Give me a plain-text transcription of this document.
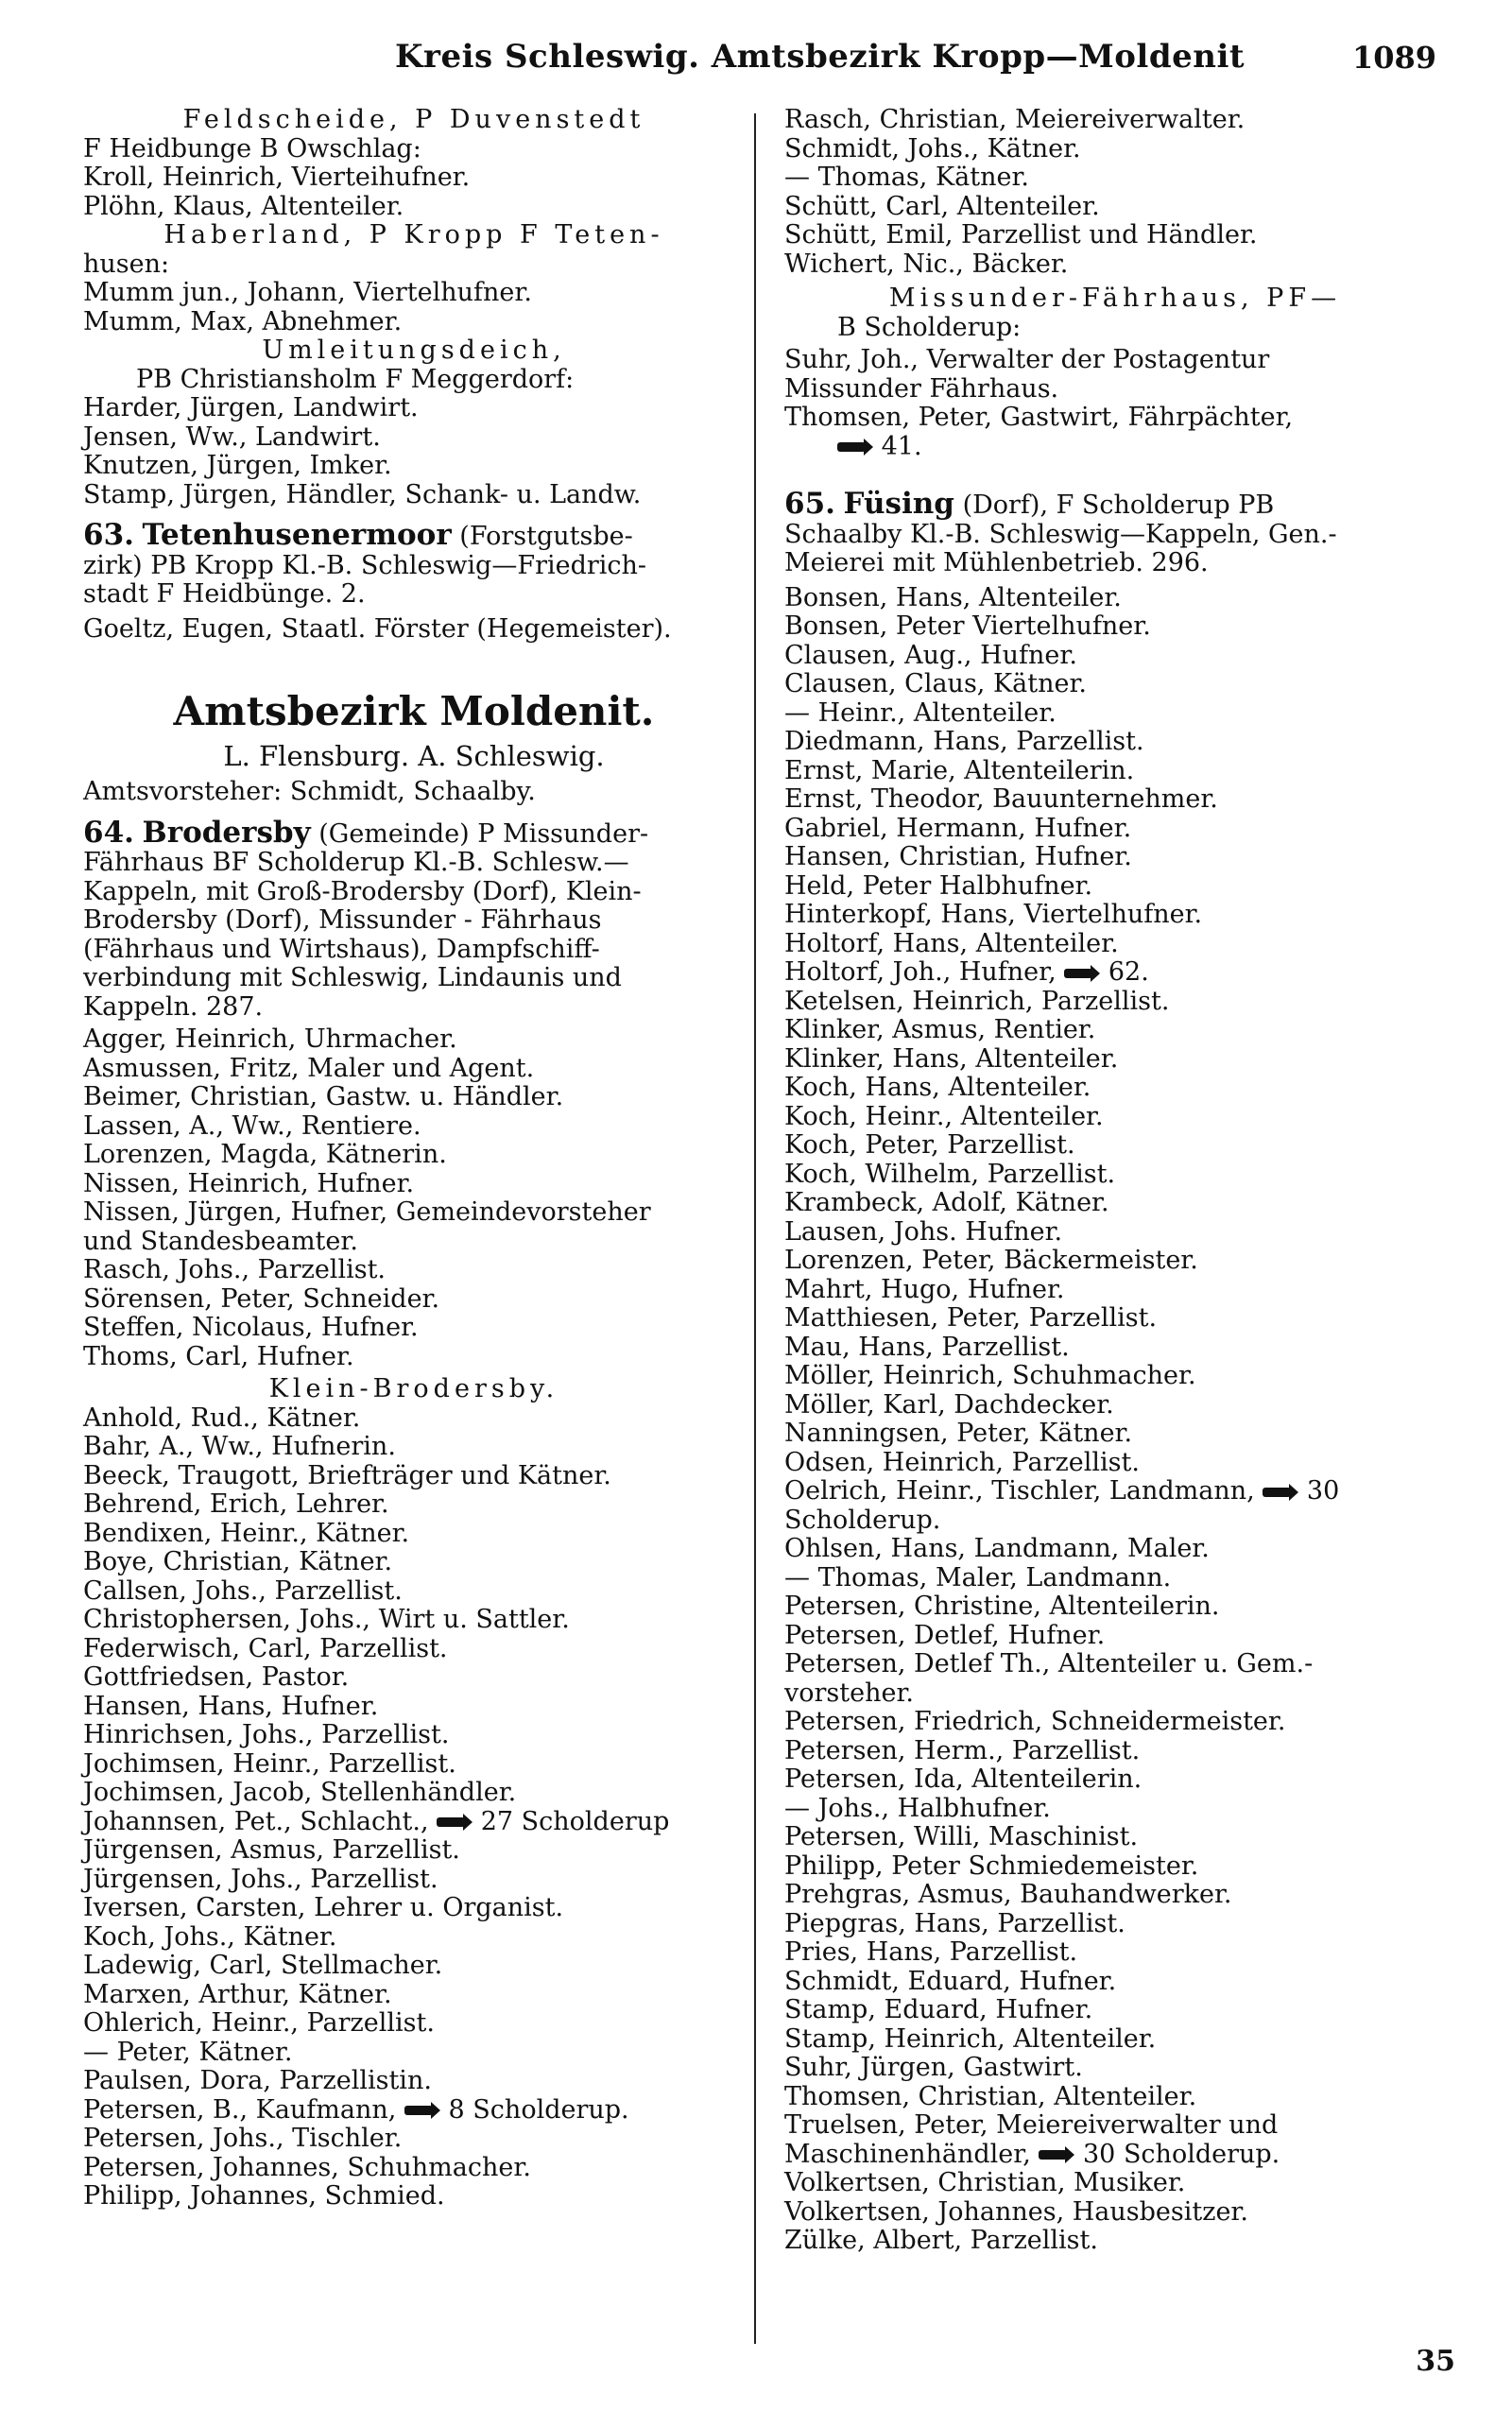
Kreis Schleswig. Amtsbezirk Kropp—Moldenit	1089
Feldscheide, P Duvenstedt
F Heidbunge B Owschlag:
Kroll, Heinrich, Vierteihufner.
Plöhn, Klaus, Altenteiler.
Haberland, P Kropp F Teten-
husen:
Mumm jun., Johann, Viertelhufner.
Mumm, Max, Abnehmer.
Umleitungsdeich,
PB Christiansholm F Meggerdorf:
Harder, Jürgen, Landwirt.
Jensen, Ww., Landwirt.
Knutzen, Jürgen, Imker.
Stamp, Jürgen, Händler, Schank- u. Landw.
63. Tetenhusenermoor (Forstgutsbe-
zirk) PB Kropp Kl.-B. Schleswig—Friedrich-
stadt F Heidbünge. 2.
Goeltz, Eugen, Staatl. Förster (Hegemeister).
Amtsbezirk Moldenit.
L. Flensburg. A. Schleswig.
Amtsvorsteher: Schmidt, Schaalby.
64. Brodersby (Gemeinde) P Missunder-
Fährhaus BF Scholderup Kl.-B. Schlesw.—
Kappeln, mit Groß-Brodersby (Dorf), Klein-
Brodersby (Dorf), Missunder - Fährhaus
(Fährhaus und Wirtshaus), Dampfschiff-
verbindung mit Schleswig, Lindaunis und
Kappeln. 287.
Agger, Heinrich, Uhrmacher.
Asmussen, Fritz, Maler und Agent.
Beimer, Christian, Gastw. u. Händler.
Lassen, A., Ww., Rentiere.
Lorenzen, Magda, Kätnerin.
Nissen, Heinrich, Hufner.
Nissen, Jürgen, Hufner, Gemeindevorsteher
und Standesbeamter.
Rasch, Johs., Parzellist.
Sörensen, Peter, Schneider.
Steffen, Nicolaus, Hufner.
Thoms, Carl, Hufner.
Klein-Brodersby.
Anhold, Rud., Kätner.
Bahr, A., Ww., Hufnerin.
Beeck, Traugott, Briefträger und Kätner.
Behrend, Erich, Lehrer.
Bendixen, Heinr., Kätner.
Boye, Christian, Kätner.
Callsen, Johs., Parzellist.
Christophersen, Johs., Wirt u. Sattler.
Federwisch, Carl, Parzellist.
Gottfriedsen, Pastor.
Hansen, Hans, Hufner.
Hinrichsen, Johs., Parzellist.
Jochimsen, Heinr., Parzellist.
Jochimsen, Jacob, Stellenhändler.
Johannsen, Pet., Schlacht.,  27 Scholderup
Jürgensen, Asmus, Parzellist.
Jürgensen, Johs., Parzellist.
Iversen, Carsten, Lehrer u. Organist.
Koch, Johs., Kätner.
Ladewig, Carl, Stellmacher.
Marxen, Arthur, Kätner.
Ohlerich, Heinr., Parzellist.
— Peter, Kätner.
Paulsen, Dora, Parzellistin.
Petersen, B., Kaufmann,  8 Scholderup.
Petersen, Johs., Tischler.
Petersen, Johannes, Schuhmacher.
Philipp, Johannes, Schmied.
Rasch, Christian, Meiereiverwalter.
Schmidt, Johs., Kätner.
— Thomas, Kätner.
Schütt, Carl, Altenteiler.
Schütt, Emil, Parzellist und Händler.
Wichert, Nic., Bäcker.
Missunder-Fährhaus, PF—
B Scholderup:
Suhr, Joh., Verwalter der Postagentur
Missunder Fährhaus.
Thomsen, Peter, Gastwirt, Fährpächter,
41.
65. Füsing (Dorf), F Scholderup PB
Schaalby Kl.-B. Schleswig—Kappeln, Gen.-
Meierei mit Mühlenbetrieb. 296.
Bonsen, Hans, Altenteiler.
Bonsen, Peter Viertelhufner.
Clausen, Aug., Hufner.
Clausen, Claus, Kätner.
— Heinr., Altenteiler.
Diedmann, Hans, Parzellist.
Ernst, Marie, Altenteilerin.
Ernst, Theodor, Bauunternehmer.
Gabriel, Hermann, Hufner.
Hansen, Christian, Hufner.
Held, Peter Halbhufner.
Hinterkopf, Hans, Viertelhufner.
Holtorf, Hans, Altenteiler.
Holtorf, Joh., Hufner,  62.
Ketelsen, Heinrich, Parzellist.
Klinker, Asmus, Rentier.
Klinker, Hans, Altenteiler.
Koch, Hans, Altenteiler.
Koch, Heinr., Altenteiler.
Koch, Peter, Parzellist.
Koch, Wilhelm, Parzellist.
Krambeck, Adolf, Kätner.
Lausen, Johs. Hufner.
Lorenzen, Peter, Bäckermeister.
Mahrt, Hugo, Hufner.
Matthiesen, Peter, Parzellist.
Mau, Hans, Parzellist.
Möller, Heinrich, Schuhmacher.
Möller, Karl, Dachdecker.
Nanningsen, Peter, Kätner.
Odsen, Heinrich, Parzellist.
Oelrich, Heinr., Tischler, Landmann,  30
Scholderup.
Ohlsen, Hans, Landmann, Maler.
— Thomas, Maler, Landmann.
Petersen, Christine, Altenteilerin.
Petersen, Detlef, Hufner.
Petersen, Detlef Th., Altenteiler u. Gem.-
vorsteher.
Petersen, Friedrich, Schneidermeister.
Petersen, Herm., Parzellist.
Petersen, Ida, Altenteilerin.
— Johs., Halbhufner.
Petersen, Willi, Maschinist.
Philipp, Peter Schmiedemeister.
Prehgras, Asmus, Bauhandwerker.
Piepgras, Hans, Parzellist.
Pries, Hans, Parzellist.
Schmidt, Eduard, Hufner.
Stamp, Eduard, Hufner.
Stamp, Heinrich, Altenteiler.
Suhr, Jürgen, Gastwirt.
Thomsen, Christian, Altenteiler.
Truelsen, Peter, Meiereiverwalter und
Maschinenhändler,  30 Scholderup.
Volkertsen, Christian, Musiker.
Volkertsen, Johannes, Hausbesitzer.
Zülke, Albert, Parzellist.
35
